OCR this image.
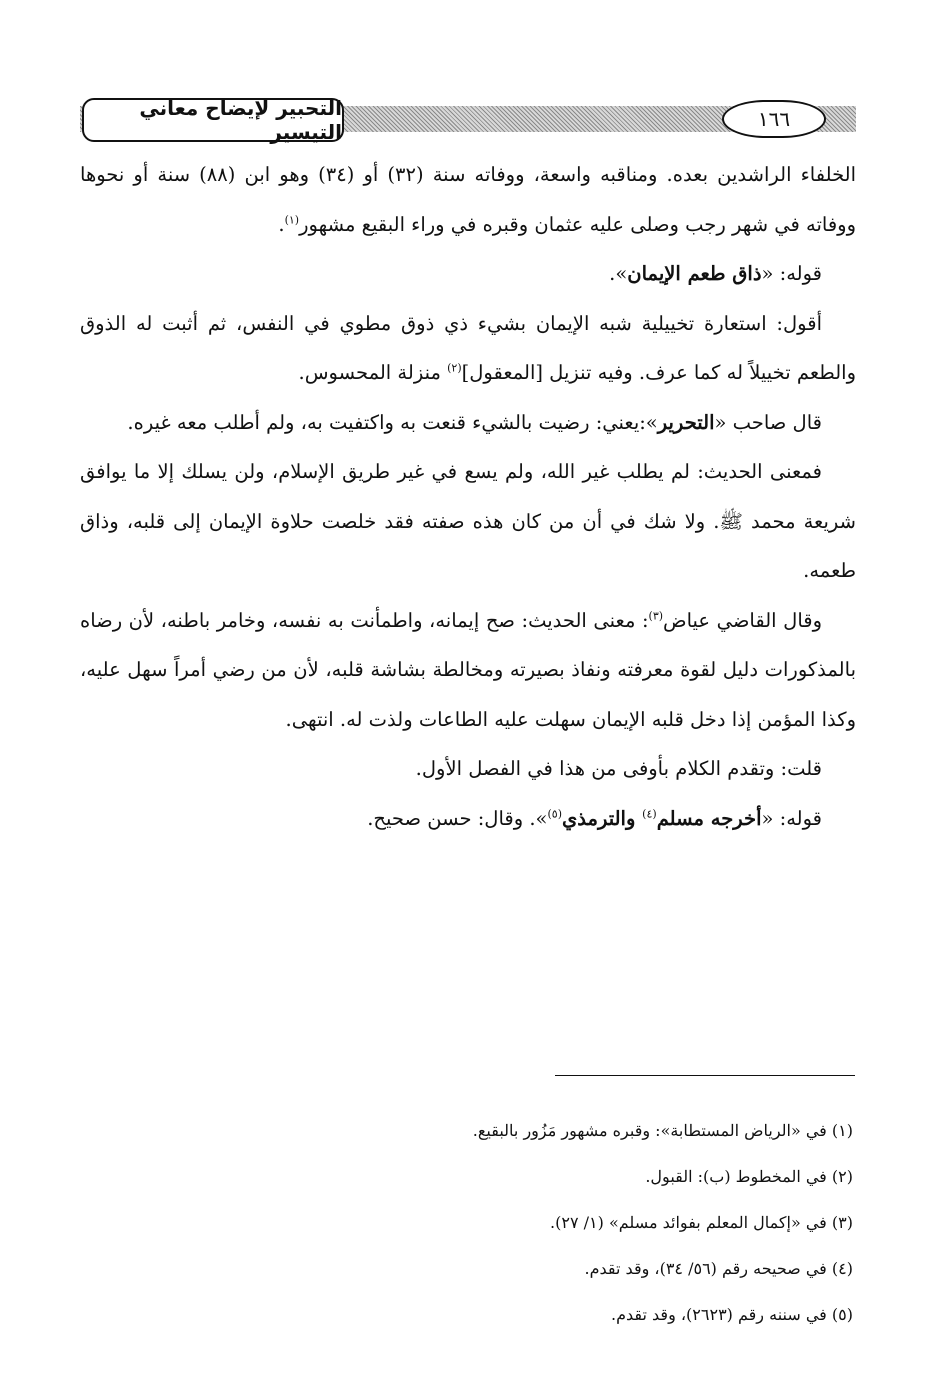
التحبير لإيضاح معاني التيسير
١٦٦

الخلفاء الراشدين بعده. ومناقبه واسعة، ووفاته سنة (٣٢) أو (٣٤) وهو ابن (٨٨) سنة أو نحوها ووفاته في شهر رجب وصلى عليه عثمان وقبره في وراء البقيع مشهور$^{(١)}$.

قوله: «ذاق طعم الإيمان».

أقول: استعارة تخييلية شبه الإيمان بشيء ذي ذوق مطوي في النفس، ثم أثبت له الذوق والطعم تخييلاً له كما عرف. وفيه تنزيل [المعقول]$^{(٢)}$ منزلة المحسوس.

قال صاحب «التحرير»:يعني: رضيت بالشيء قنعت به واكتفيت به، ولم أطلب معه غيره.

فمعنى الحديث: لم يطلب غير الله، ولم يسع في غير طريق الإسلام، ولن يسلك إلا ما يوافق شريعة محمد ﷺ. ولا شك في أن من كان هذه صفته فقد خلصت حلاوة الإيمان إلى قلبه، وذاق طعمه.

وقال القاضي عياض$^{(٣)}$: معنى الحديث: صح إيمانه، واطمأنت به نفسه، وخامر باطنه، لأن رضاه بالمذكورات دليل لقوة معرفته ونفاذ بصيرته ومخالطة بشاشة قلبه، لأن من رضي أمراً سهل عليه، وكذا المؤمن إذا دخل قلبه الإيمان سهلت عليه الطاعات ولذت له. انتهى.

قلت: وتقدم الكلام بأوفى من هذا في الفصل الأول.

قوله: «أخرجه مسلم$^{(٤)}$ والترمذي$^{(٥)}$». وقال: حسن صحيح.

(١) في «الرياض المستطابة»: وقبره مشهور مَزُور بالبقيع.

(٢) في المخطوط (ب): القبول.

(٣) في «إكمال المعلم بفوائد مسلم» (١/ ٢٧).

(٤) في صحيحه رقم (٥٦/ ٣٤)، وقد تقدم.

(٥) في سننه رقم (٢٦٢٣)، وقد تقدم.
